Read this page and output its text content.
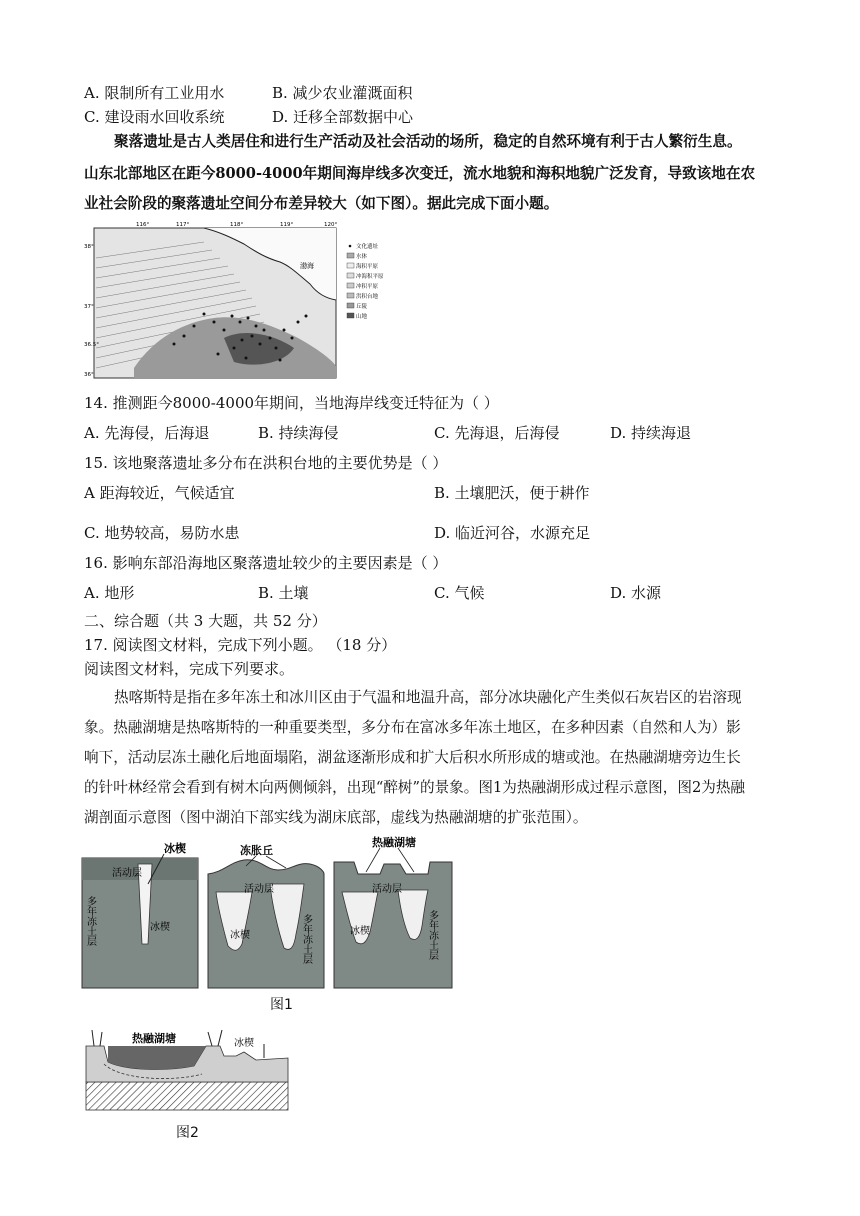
A. 限制所有工业用水	B. 减少农业灌溉面积
C. 建设雨水回收系统	D. 迁移全部数据中心
聚落遗址是古人类居住和进行生产活动及社会活动的场所，稳定的自然环境有利于古人繁衍生息。
山东北部地区在距今8000-4000年期间海岸线多次变迁，流水地貌和海积地貌广泛发育，导致该地在农
业社会阶段的聚落遗址空间分布差异较大（如下图）。据此完成下面小题。
渤海
116°	117°	118°	119°	120°
38°
37°
36.5°
36°
文化遗址
水体
海积平原
冲海积平原
冲积平原
洪积台地
丘陵
山地
14. 推测距今8000-4000年期间，当地海岸线变迁特征为（ ）
A. 先海侵，后海退	B. 持续海侵	C. 先海退，后海侵	D. 持续海退
15. 该地聚落遗址多分布在洪积台地的主要优势是（ ）
A 距海较近，气候适宜	B. 土壤肥沃，便于耕作
C. 地势较高，易防水患	D. 临近河谷，水源充足
16. 影响东部沿海地区聚落遗址较少的主要因素是（ ）
A. 地形	B. 土壤	C. 气候	D. 水源
二、综合题（共 3 大题，共 52 分）
17. 阅读图文材料，完成下列小题。 （18 分）
阅读图文材料，完成下列要求。
热喀斯特是指在多年冻土和冰川区由于气温和地温升高，部分冰块融化产生类似石灰岩区的岩溶现
象。热融湖塘是热喀斯特的一种重要类型，多分布在富冰多年冻土地区，在多种因素（自然和人为）影
响下，活动层冻土融化后地面塌陷，湖盆逐渐形成和扩大后积水所形成的塘或池。在热融湖塘旁边生长
的针叶林经常会看到有树木向两侧倾斜，出现“醉树”的景象。图1为热融湖形成过程示意图，图2为热融
湖剖面示意图（图中湖泊下部实线为湖床底部，虚线为热融湖塘的扩张范围）。
冰楔
活动层
冰楔
多年冻土层
冻胀丘
活动层
冰楔	多年冻土层
热融湖塘
活动层
冰楔	多年冻土层
图1
热融湖塘	冰楔
图2
